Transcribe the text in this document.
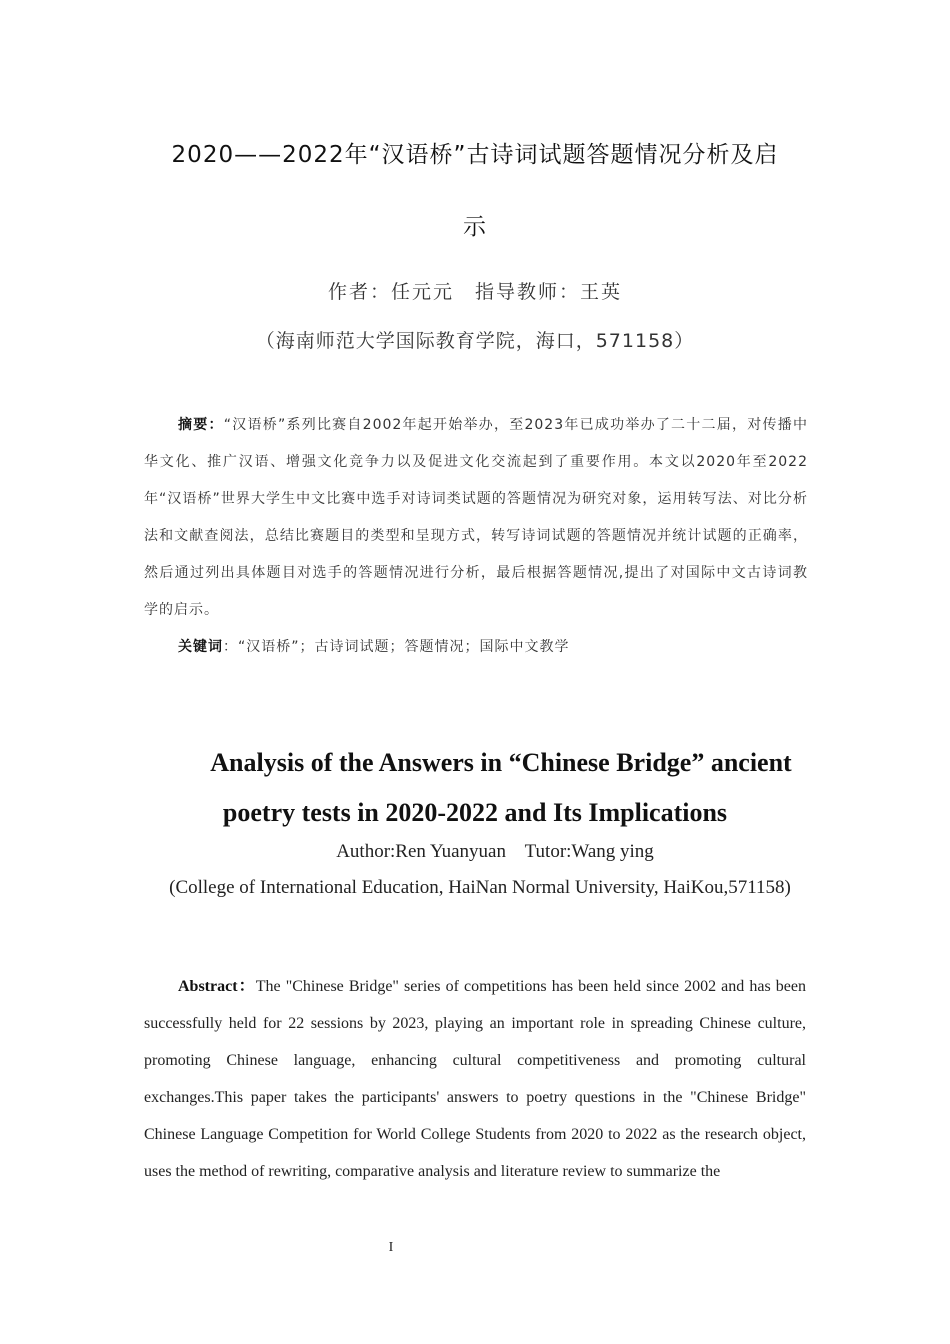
2020——2022年“汉语桥”古诗词试题答题情况分析及启
示
作者：任元元　指导教师：王英
（海南师范大学国际教育学院，海口，571158）
摘要：“汉语桥”系列比赛自2002年起开始举办，至2023年已成功举办了二十二届，对传播中华文化、推广汉语、增强文化竞争力以及促进文化交流起到了重要作用。本文以2020年至2022年“汉语桥”世界大学生中文比赛中选手对诗词类试题的答题情况为研究对象，运用转写法、对比分析法和文献查阅法，总结比赛题目的类型和呈现方式，转写诗词试题的答题情况并统计试题的正确率，然后通过列出具体题目对选手的答题情况进行分析，最后根据答题情况,提出了对国际中文古诗词教学的启示。
关键词：“汉语桥”；古诗词试题；答题情况；国际中文教学
Analysis of the Answers in “Chinese Bridge” ancient
poetry tests in 2020-2022 and Its Implications
Author:Ren Yuanyuan    Tutor:Wang ying
(College of International Education, HaiNan Normal University, HaiKou,571158)
Abstract：The "Chinese Bridge" series of competitions has been held since 2002 and has been successfully held for 22 sessions by 2023, playing an important role in spreading Chinese culture, promoting Chinese language, enhancing cultural competitiveness and promoting cultural exchanges.This paper takes the participants' answers to poetry questions in the "Chinese Bridge" Chinese Language Competition for World College Students from 2020 to 2022 as the research object, uses the method of rewriting, comparative analysis and literature review to summarize the
I
